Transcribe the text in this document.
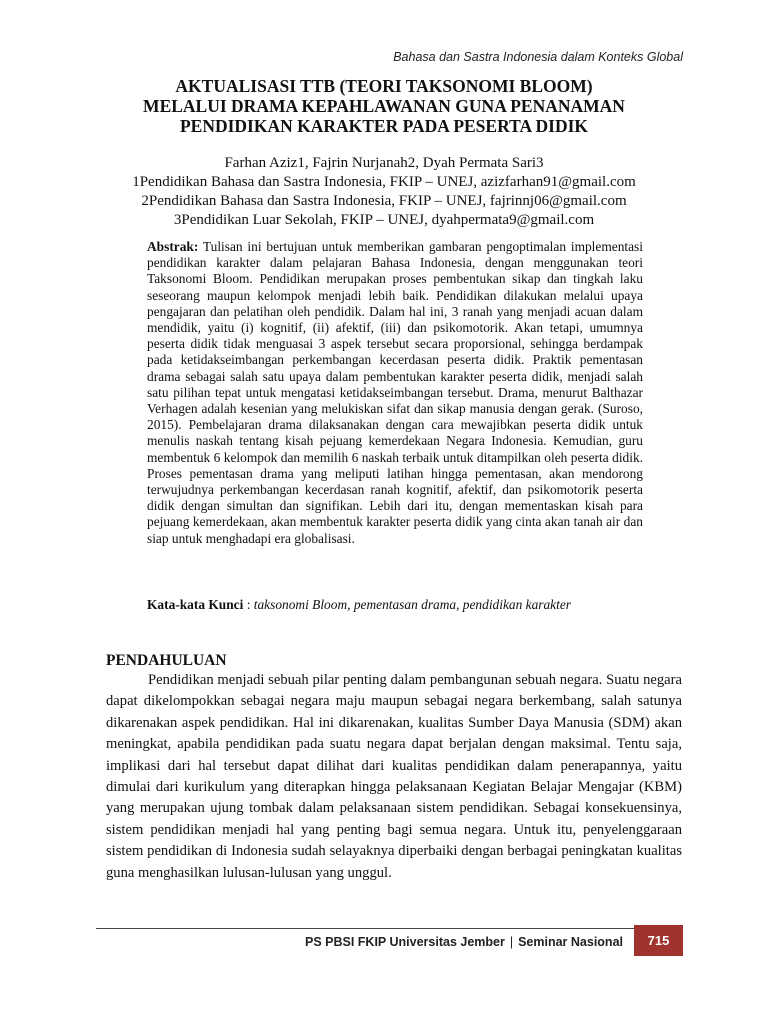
Bahasa dan Sastra Indonesia dalam Konteks Global
AKTUALISASI TTB (TEORI TAKSONOMI BLOOM)
MELALUI DRAMA KEPAHLAWANAN GUNA PENANAMAN
PENDIDIKAN KARAKTER PADA PESERTA DIDIK
Farhan Aziz1, Fajrin Nurjanah2, Dyah Permata Sari3
1Pendidikan Bahasa dan Sastra Indonesia, FKIP – UNEJ, azizfarhan91@gmail.com
2Pendidikan Bahasa dan Sastra Indonesia, FKIP – UNEJ, fajrinnj06@gmail.com
3Pendidikan Luar Sekolah, FKIP – UNEJ, dyahpermata9@gmail.com
Abstrak: Tulisan ini bertujuan untuk memberikan gambaran pengoptimalan implementasi pendidikan karakter dalam pelajaran Bahasa Indonesia, dengan menggunakan teori Taksonomi Bloom. Pendidikan merupakan proses pembentukan sikap dan tingkah laku seseorang maupun kelompok menjadi lebih baik. Pendidikan dilakukan melalui upaya pengajaran dan pelatihan oleh pendidik. Dalam hal ini, 3 ranah yang menjadi acuan dalam mendidik, yaitu (i) kognitif, (ii) afektif, (iii) dan psikomotorik. Akan tetapi, umumnya peserta didik tidak menguasai 3 aspek tersebut secara proporsional, sehingga berdampak pada ketidakseimbangan perkembangan kecerdasan peserta didik. Praktik pementasan drama sebagai salah satu upaya dalam pembentukan karakter peserta didik, menjadi salah satu pilihan tepat untuk mengatasi ketidakseimbangan tersebut. Drama, menurut Balthazar Verhagen adalah kesenian yang melukiskan sifat dan sikap manusia dengan gerak. (Suroso, 2015). Pembelajaran drama dilaksanakan dengan cara mewajibkan peserta didik untuk menulis naskah tentang kisah pejuang kemerdekaan Negara Indonesia. Kemudian, guru membentuk 6 kelompok dan memilih 6 naskah terbaik untuk ditampilkan oleh peserta didik. Proses pementasan drama yang meliputi latihan hingga pementasan, akan mendorong terwujudnya perkembangan kecerdasan ranah kognitif, afektif, dan psikomotorik peserta didik dengan simultan dan signifikan. Lebih dari itu, dengan mementaskan kisah para pejuang kemerdekaan, akan membentuk karakter peserta didik yang cinta akan tanah air dan siap untuk menghadapi era globalisasi.
Kata-kata Kunci : taksonomi Bloom, pementasan drama, pendidikan karakter
PENDAHULUAN
Pendidikan menjadi sebuah pilar penting dalam pembangunan sebuah negara. Suatu negara dapat dikelompokkan sebagai negara maju maupun sebagai negara berkembang, salah satunya dikarenakan aspek pendidikan. Hal ini dikarenakan, kualitas Sumber Daya Manusia (SDM) akan meningkat, apabila pendidikan pada suatu negara dapat berjalan dengan maksimal. Tentu saja, implikasi dari hal tersebut dapat dilihat dari kualitas pendidikan dalam penerapannya, yaitu dimulai dari kurikulum yang diterapkan hingga pelaksanaan Kegiatan Belajar Mengajar (KBM) yang merupakan ujung tombak dalam pelaksanaan sistem pendidikan. Sebagai konsekuensinya, sistem pendidikan menjadi hal yang penting bagi semua negara. Untuk itu, penyelenggaraan sistem pendidikan di Indonesia sudah selayaknya diperbaiki dengan berbagai peningkatan kualitas guna menghasilkan lulusan-lulusan yang unggul.
PS PBSI FKIP Universitas Jember | Seminar Nasional	715
